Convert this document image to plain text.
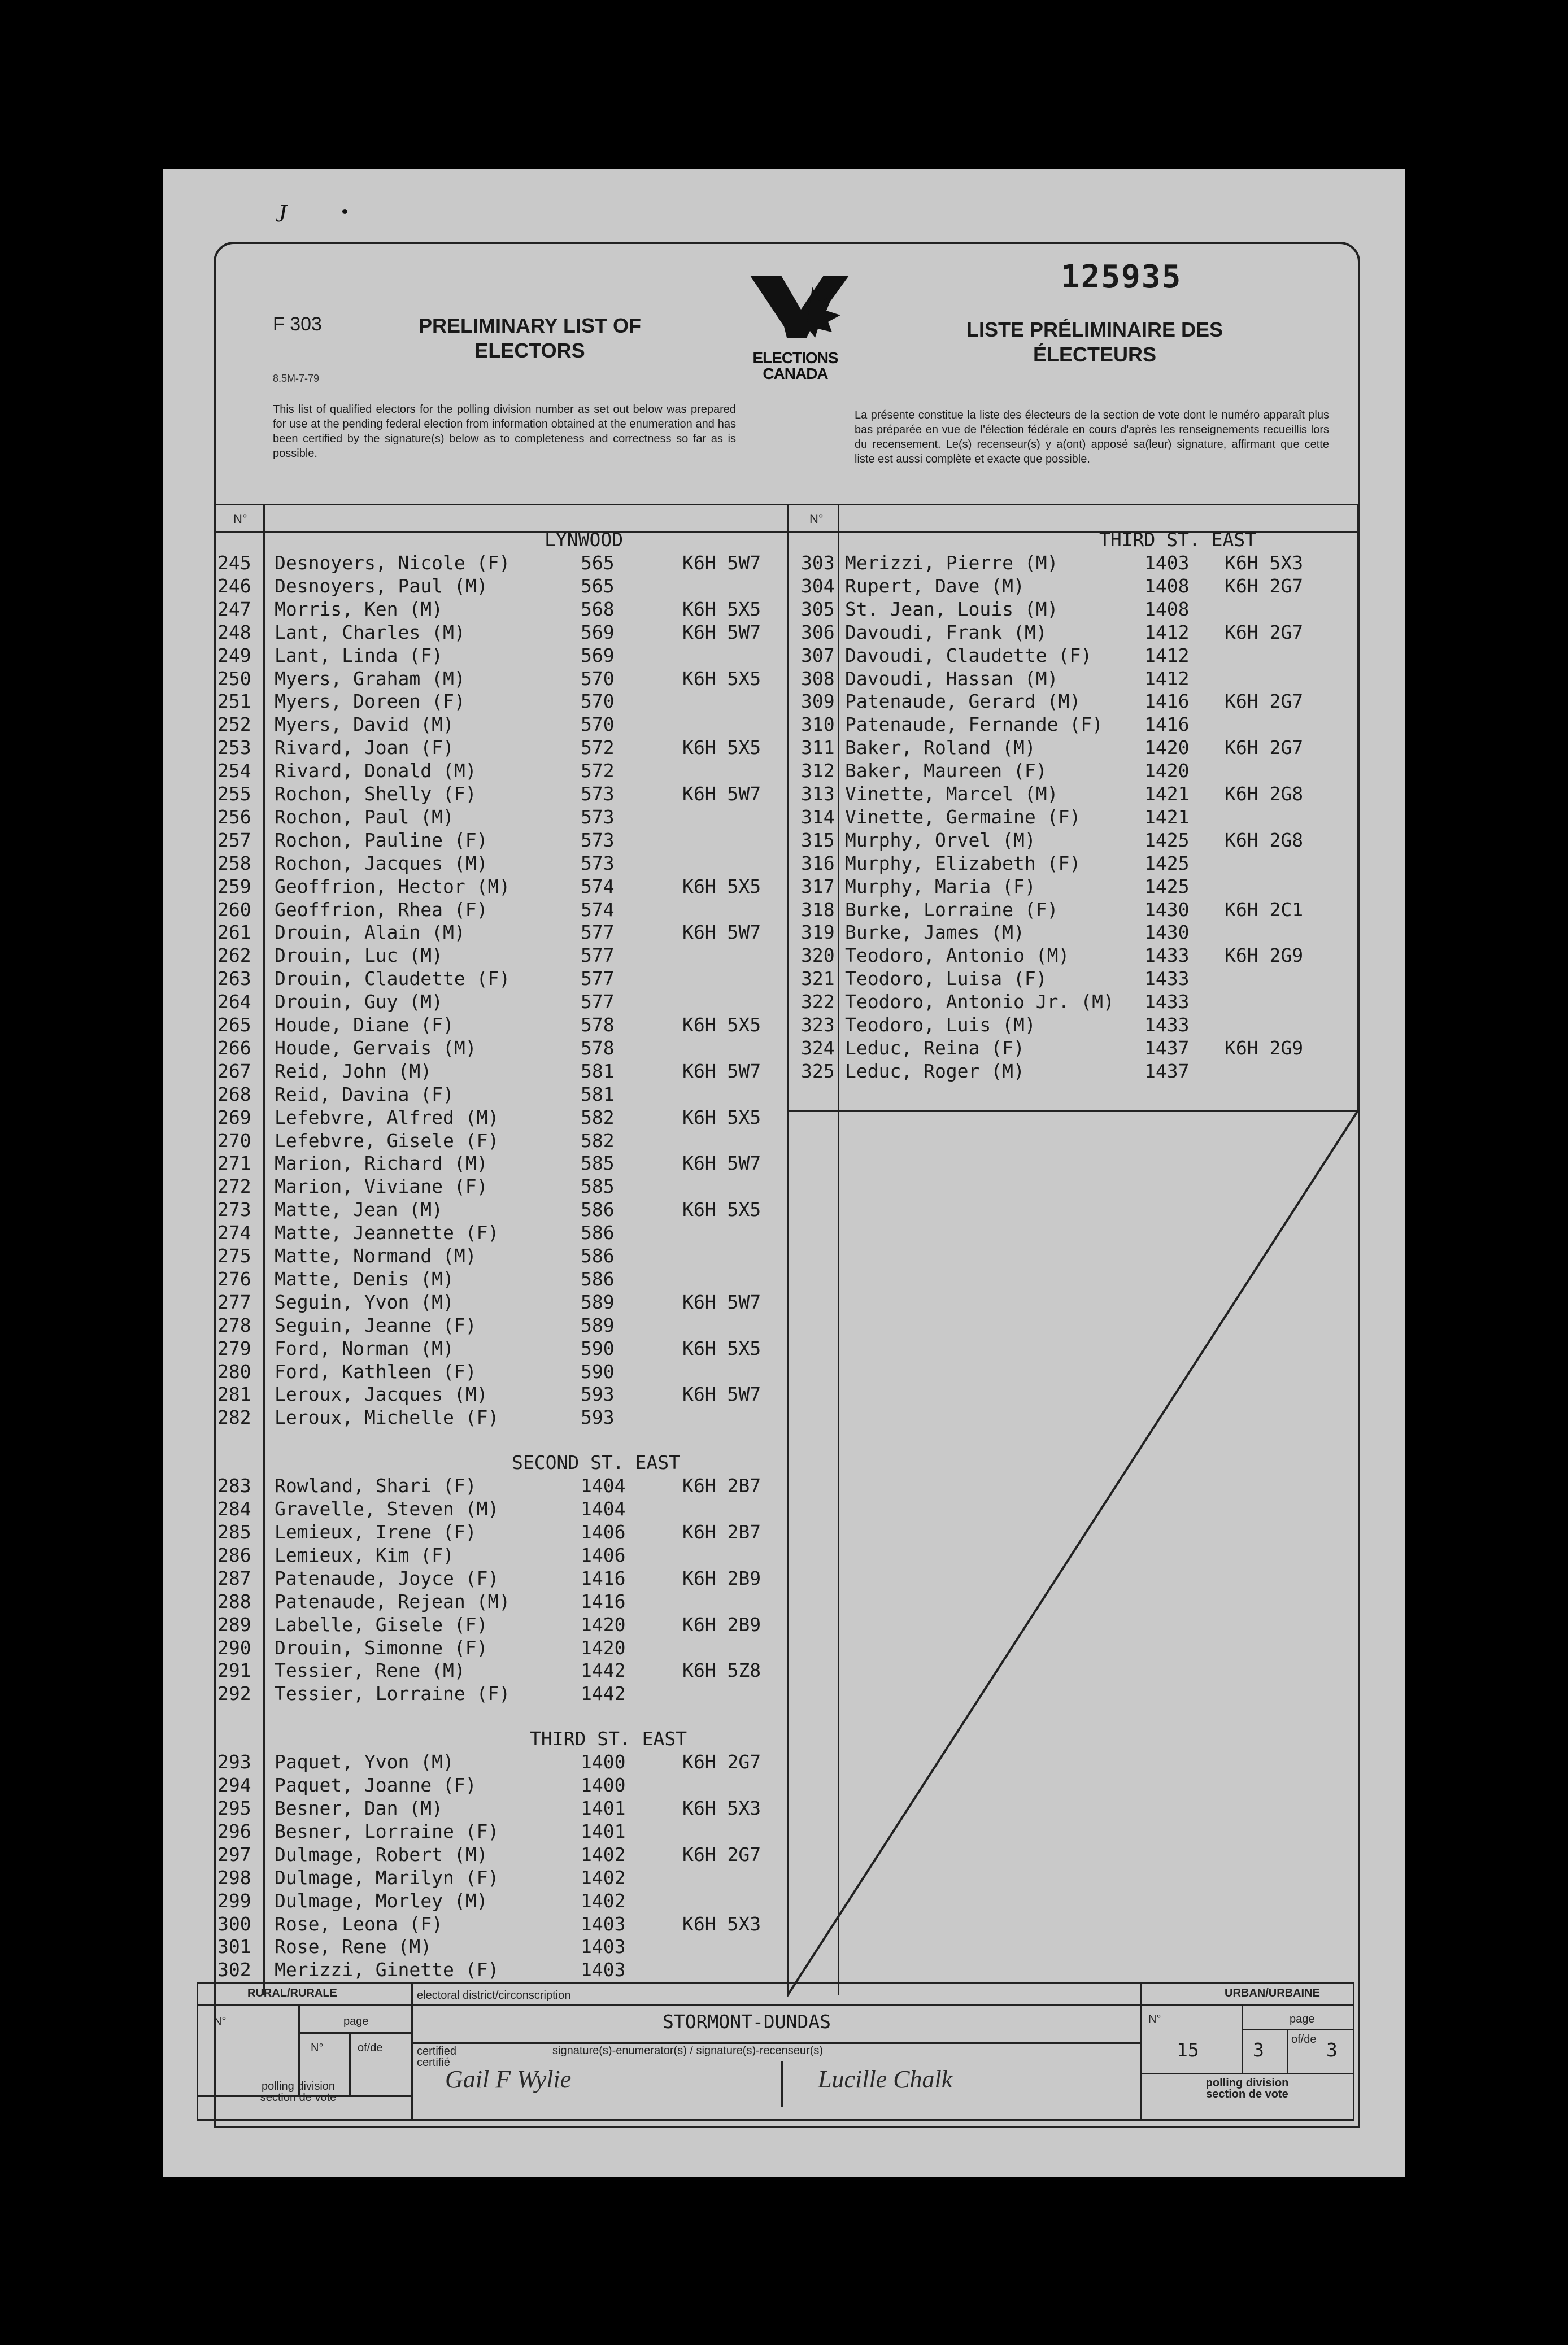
J
F 303
8.5M-7-79
PRELIMINARY LIST OF ELECTORS
LISTE PRÉLIMINAIRE DES ÉLECTEURS
125935
ELECTIONS
CANADA
This list of qualified electors for the polling division number as set out below was prepared for use at the pending federal election from information obtained at the enumeration and has been certified by the signature(s) below as to completeness and correctness so far as is possible.
La présente constitue la liste des électeurs de la section de vote dont le numéro apparaît plus bas préparée en vue de l'élection fédérale en cours d'après les renseignements recueillis lors du recensement. Le(s) recenseur(s) y a(ont) apposé sa(leur) signature, affirmant que cette liste est aussi complète et exacte que possible.
N°	N°
LYNWOOD
245 Desnoyers, Nicole (F)	565	K6H 5W7
246 Desnoyers, Paul (M)	565
247 Morris, Ken (M)	568	K6H 5X5
248 Lant, Charles (M)	569	K6H 5W7
249 Lant, Linda (F)	569
250 Myers, Graham (M)	570	K6H 5X5
251 Myers, Doreen (F)	570
252 Myers, David (M)	570
253 Rivard, Joan (F)	572	K6H 5X5
254 Rivard, Donald (M)	572
255 Rochon, Shelly (F)	573	K6H 5W7
256 Rochon, Paul (M)	573
257 Rochon, Pauline (F)	573
258 Rochon, Jacques (M)	573
259 Geoffrion, Hector (M)	574	K6H 5X5
260 Geoffrion, Rhea (F)	574
261 Drouin, Alain (M)	577	K6H 5W7
262 Drouin, Luc (M)	577
263 Drouin, Claudette (F)	577
264 Drouin, Guy (M)	577
265 Houde, Diane (F)	578	K6H 5X5
266 Houde, Gervais (M)	578
267 Reid, John (M)	581	K6H 5W7
268 Reid, Davina (F)	581
269 Lefebvre, Alfred (M)	582	K6H 5X5
270 Lefebvre, Gisele (F)	582
271 Marion, Richard (M)	585	K6H 5W7
272 Marion, Viviane (F)	585
273 Matte, Jean (M)	586	K6H 5X5
274 Matte, Jeannette (F)	586
275 Matte, Normand (M)	586
276 Matte, Denis (M)	586
277 Seguin, Yvon (M)	589	K6H 5W7
278 Seguin, Jeanne (F)	589
279 Ford, Norman (M)	590	K6H 5X5
280 Ford, Kathleen (F)	590
281 Leroux, Jacques (M)	593	K6H 5W7
282 Leroux, Michelle (F)	593
SECOND ST. EAST
283 Rowland, Shari (F)	1404	K6H 2B7
284 Gravelle, Steven (M)	1404
285 Lemieux, Irene (F)	1406	K6H 2B7
286 Lemieux, Kim (F)	1406
287 Patenaude, Joyce (F)	1416	K6H 2B9
288 Patenaude, Rejean (M)	1416
289 Labelle, Gisele (F)	1420	K6H 2B9
290 Drouin, Simonne (F)	1420
291 Tessier, Rene (M)	1442	K6H 5Z8
292 Tessier, Lorraine (F)	1442
THIRD ST. EAST
293 Paquet, Yvon (M)	1400	K6H 2G7
294 Paquet, Joanne (F)	1400
295 Besner, Dan (M)	1401	K6H 5X3
296 Besner, Lorraine (F)	1401
297 Dulmage, Robert (M)	1402	K6H 2G7
298 Dulmage, Marilyn (F)	1402
299 Dulmage, Morley (M)	1402
300 Rose, Leona (F)	1403	K6H 5X3
301 Rose, Rene (M)	1403
302 Merizzi, Ginette (F)	1403
THIRD ST. EAST
303 Merizzi, Pierre (M)	1403 K6H 5X3
304 Rupert, Dave (M)	1408 K6H 2G7
305 St. Jean, Louis (M)	1408
306 Davoudi, Frank (M)	1412 K6H 2G7
307 Davoudi, Claudette (F)	1412
308 Davoudi, Hassan (M)	1412
309 Patenaude, Gerard (M)	1416 K6H 2G7
310 Patenaude, Fernande (F) 1416
311 Baker, Roland (M)	1420 K6H 2G7
312 Baker, Maureen (F)	1420
313 Vinette, Marcel (M)	1421 K6H 2G8
314 Vinette, Germaine (F)	1421
315 Murphy, Orvel (M)	1425 K6H 2G8
316 Murphy, Elizabeth (F)	1425
317 Murphy, Maria (F)	1425
318 Burke, Lorraine (F)	1430 K6H 2C1
319 Burke, James (M)	1430
320 Teodoro, Antonio (M)	1433 K6H 2G9
321 Teodoro, Luisa (F)	1433
322 Teodoro, Antonio Jr. (M) 1433
323 Teodoro, Luis (M)	1433
324 Leduc, Reina (F)	1437 K6H 2G9
325 Leduc, Roger (M)	1437
RURAL/RURALE	URBAN/URBAINE
N°	page
N°	of/de
polling division
section de vote
electoral district/circonscription
STORMONT-DUNDAS
certified
certifié
signature(s)-enumerator(s) / signature(s)-recenseur(s)
Gail F Wylie	Lucille Chalk
N°	page
15	3 of/de 3
polling division
section de vote
